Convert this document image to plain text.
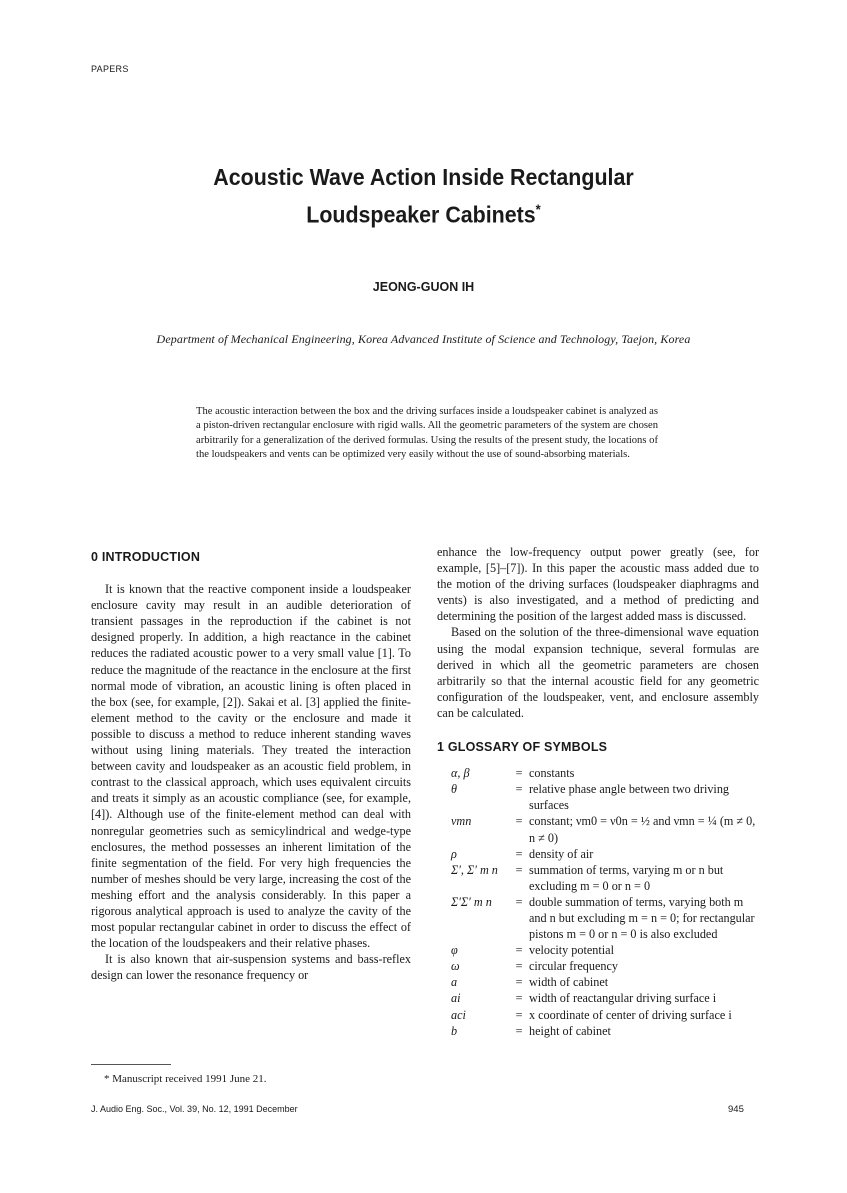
PAPERS
Acoustic Wave Action Inside Rectangular
Loudspeaker Cabinets*
JEONG-GUON IH
Department of Mechanical Engineering, Korea Advanced Institute of Science and Technology, Taejon, Korea

The acoustic interaction between the box and the driving surfaces inside a loudspeaker cabinet is analyzed as a piston-driven rectangular enclosure with rigid walls. All the geometric parameters of the system are chosen arbitrarily for a generalization of the derived formulas. Using the results of the present study, the locations of the loudspeakers and vents can be optimized very easily without the use of sound-absorbing materials.

0 INTRODUCTION

It is known that the reactive component inside a loudspeaker enclosure cavity may result in an audible deterioration of transient passages in the reproduction if the cabinet is not designed properly. In addition, a high reactance in the cabinet reduces the radiated acoustic power to a very small value [1]. To reduce the magnitude of the reactance in the enclosure at the first normal mode of vibration, an acoustic lining is often placed in the box (see, for example, [2]). Sakai et al. [3] applied the finite-element method to the cavity or the enclosure and made it possible to discuss a method to reduce inherent standing waves without using lining materials. They treated the interaction between cavity and loudspeaker as an acoustic field problem, in contrast to the classical approach, which uses equivalent circuits and treats it simply as an acoustic compliance (see, for example, [4]). Although use of the finite-element method can deal with nonregular geometries such as semicylindrical and wedge-type enclosures, the method possesses an inherent limitation of the finite segmentation of the field. For very high frequencies the number of meshes should be very large, increasing the cost of the meshing effort and the analysis considerably. In this paper a rigorous analytical approach is used to analyze the cavity of the most popular rectangular cabinet in order to discuss the effect of the location of the loudspeakers and their relative phases.

It is also known that air-suspension systems and bass-reflex design can lower the resonance frequency or

enhance the low-frequency output power greatly (see, for example, [5]–[7]). In this paper the acoustic mass added due to the motion of the driving surfaces (loudspeaker diaphragms and vents) is also investigated, and a method of predicting and determining the position of the largest added mass is discussed.

Based on the solution of the three-dimensional wave equation using the modal expansion technique, several formulas are derived in which all the geometric parameters are chosen arbitrarily so that the internal acoustic field for any geometric configuration of the loudspeaker, vent, and enclosure assembly can be calculated.

1 GLOSSARY OF SYMBOLS
α, β	= constants
θ	= relative phase angle between two driving surfaces
νmn	= constant; νm0 = ν0n = ½ and νmn = ¼ (m ≠ 0, n ≠ 0)
ρ	= density of air
Σ′, Σ′ m n	= summation of terms, varying m or n but excluding m = 0 or n = 0
Σ′Σ′ m n	= double summation of terms, varying both m and n but excluding m = n = 0; for rectangular pistons m = 0 or n = 0 is also excluded
φ	= velocity potential
ω	= circular frequency
a	= width of cabinet
ai	= width of reactangular driving surface i
aci	= x coordinate of center of driving surface i
b	= height of cabinet
* Manuscript received 1991 June 21.
J. Audio Eng. Soc., Vol. 39, No. 12, 1991 December	945
